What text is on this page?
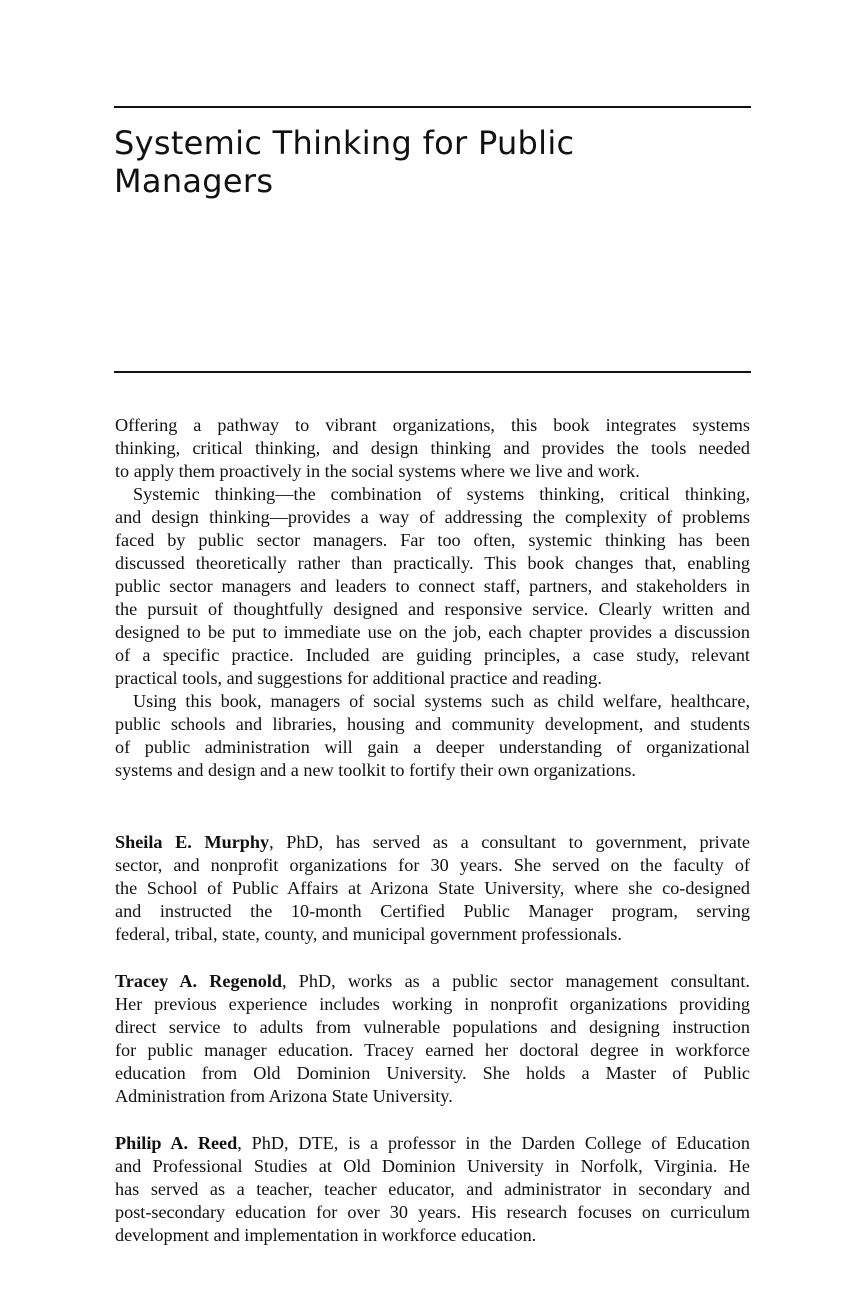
Systemic Thinking for Public
Managers
Offering a pathway to vibrant organizations, this book integrates systems
thinking, critical thinking, and design thinking and provides the tools needed
to apply them proactively in the social systems where we live and work.
Systemic thinking—the combination of systems thinking, critical thinking,
and design thinking—provides a way of addressing the complexity of problems
faced by public sector managers. Far too often, systemic thinking has been
discussed theoretically rather than practically. This book changes that, enabling
public sector managers and leaders to connect staff, partners, and stakeholders in
the pursuit of thoughtfully designed and responsive service. Clearly written and
designed to be put to immediate use on the job, each chapter provides a discussion
of a specific practice. Included are guiding principles, a case study, relevant
practical tools, and suggestions for additional practice and reading.
Using this book, managers of social systems such as child welfare, healthcare,
public schools and libraries, housing and community development, and students
of public administration will gain a deeper understanding of organizational
systems and design and a new toolkit to fortify their own organizations.
Sheila E. Murphy, PhD, has served as a consultant to government, private
sector, and nonprofit organizations for 30 years. She served on the faculty of
the School of Public Affairs at Arizona State University, where she co-designed
and instructed the 10-month Certified Public Manager program, serving
federal, tribal, state, county, and municipal government professionals.
Tracey A. Regenold, PhD, works as a public sector management consultant.
Her previous experience includes working in nonprofit organizations providing
direct service to adults from vulnerable populations and designing instruction
for public manager education. Tracey earned her doctoral degree in workforce
education from Old Dominion University. She holds a Master of Public
Administration from Arizona State University.
Philip A. Reed, PhD, DTE, is a professor in the Darden College of Education
and Professional Studies at Old Dominion University in Norfolk, Virginia. He
has served as a teacher, teacher educator, and administrator in secondary and
post-secondary education for over 30 years. His research focuses on curriculum
development and implementation in workforce education.
